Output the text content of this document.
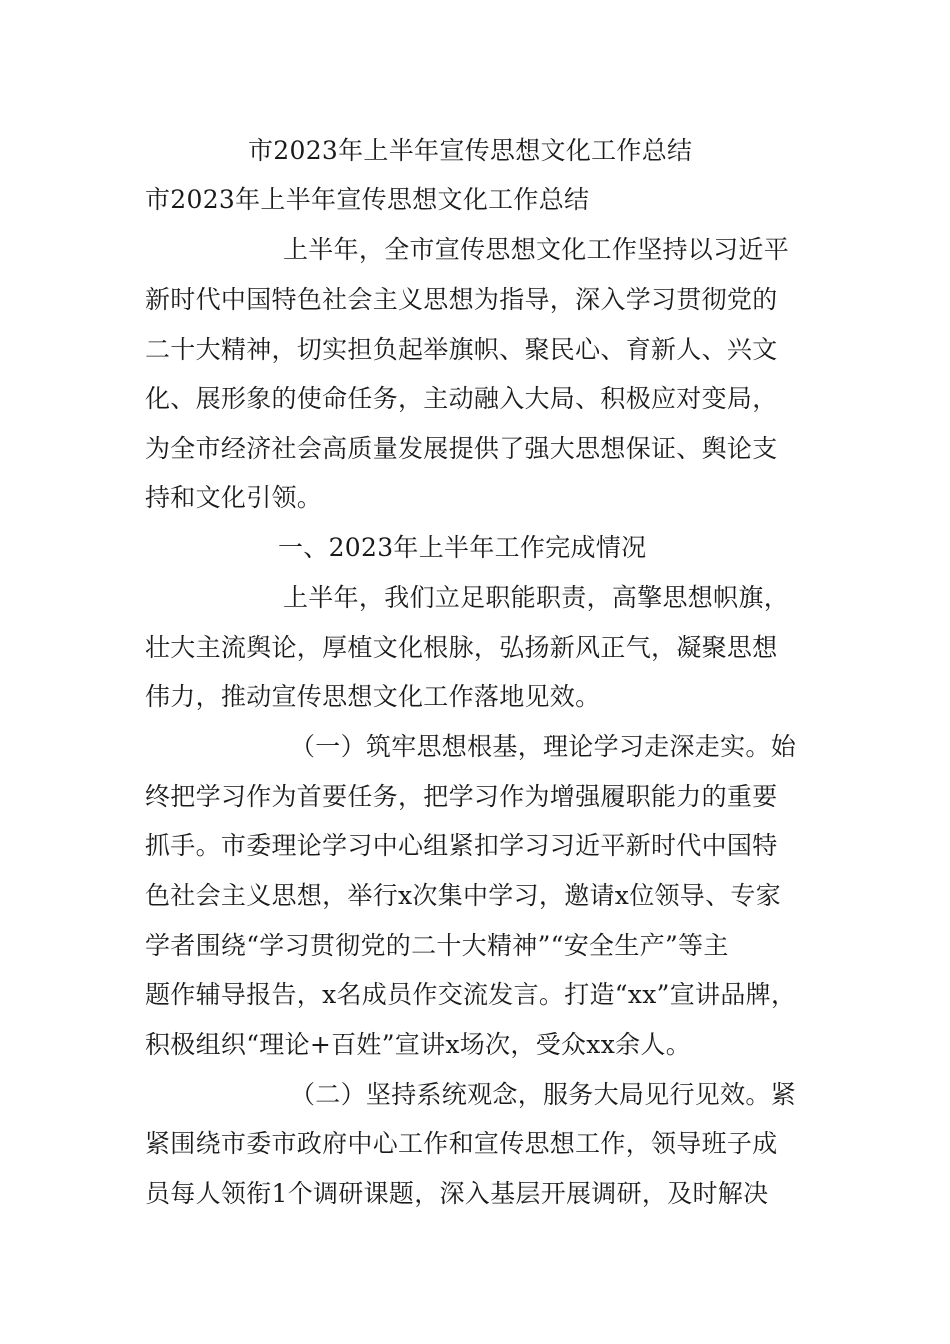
市2023年上半年宣传思想文化工作总结
市2023年上半年宣传思想文化工作总结
上半年，全市宣传思想文化工作坚持以习近平
新时代中国特色社会主义思想为指导，深入学习贯彻党的
二十大精神，切实担负起举旗帜、聚民心、育新人、兴文
化、展形象的使命任务，主动融入大局、积极应对变局，
为全市经济社会高质量发展提供了强大思想保证、舆论支
持和文化引领。
一、2023年上半年工作完成情况
上半年，我们立足职能职责，高擎思想帜旗，
壮大主流舆论，厚植文化根脉，弘扬新风正气，凝聚思想
伟力，推动宣传思想文化工作落地见效。
（一）筑牢思想根基，理论学习走深走实。始
终把学习作为首要任务，把学习作为增强履职能力的重要
抓手。市委理论学习中心组紧扣学习习近平新时代中国特
色社会主义思想，举行x次集中学习，邀请x位领导、专家
学者围绕“学习贯彻党的二十大精神”“安全生产”等主
题作辅导报告，x名成员作交流发言。打造“xx”宣讲品牌，
积极组织“理论+百姓”宣讲x场次，受众xx余人。
（二）坚持系统观念，服务大局见行见效。紧
紧围绕市委市政府中心工作和宣传思想工作，领导班子成
员每人领衔1个调研课题，深入基层开展调研，及时解决
